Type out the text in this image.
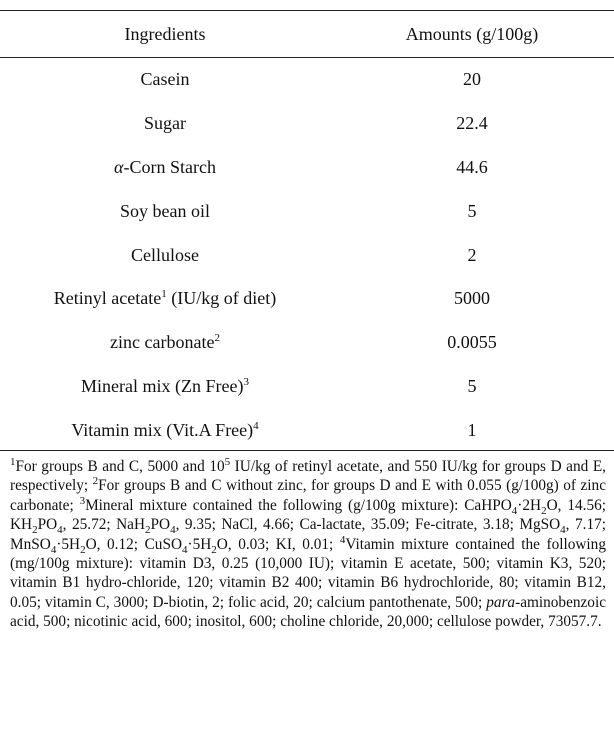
Ingredients	Amounts (g/100g)
Casein	20
Sugar	22.4
α-Corn Starch	44.6
Soy bean oil	5
Cellulose	2
Retinyl acetate$^1$ (IU/kg of diet)	5000
zinc carbonate$^2$	0.0055
Mineral mix (Zn Free)$^3$	5
Vitamin mix (Vit.A Free)$^4$	1
$^1$For groups B and C, 5000 and $10^5$ IU/kg of retinyl acetate, and 550 IU/kg for groups D and E, respectively; $^2$For groups B and C without zinc, for groups D and E with 0.055 (g/100g) of zinc carbonate; $^3$Mineral mixture contained the following (g/100g mixture): $CaHPO_4\cdot 2H_2O$, 14.56; $KH_2PO_4$, 25.72; $NaH_2PO_4$, 9.35; NaCl, 4.66; Ca-lactate, 35.09; Fe-citrate, 3.18; MgSO$_4$, 7.17; $MnSO_4\cdot 5H_2O$, 0.12; $CuSO_4\cdot 5H_2O$, 0.03; KI, 0.01; $^4$Vitamin mixture contained the following (mg/100g mixture): vitamin D3, 0.25 (10,000 IU); vitamin E acetate, 500; vitamin K3, 520; vitamin B1 hydro-chloride, 120; vitamin B2 400; vitamin B6 hydrochloride, 80; vitamin B12, 0.05; vitamin C, 3000; D-biotin, 2; folic acid, 20; calcium pantothenate, 500; para-aminobenzoic acid, 500; nicotinic acid, 600; inositol, 600; choline chloride, 20,000; cellulose powder, 73057.7.
